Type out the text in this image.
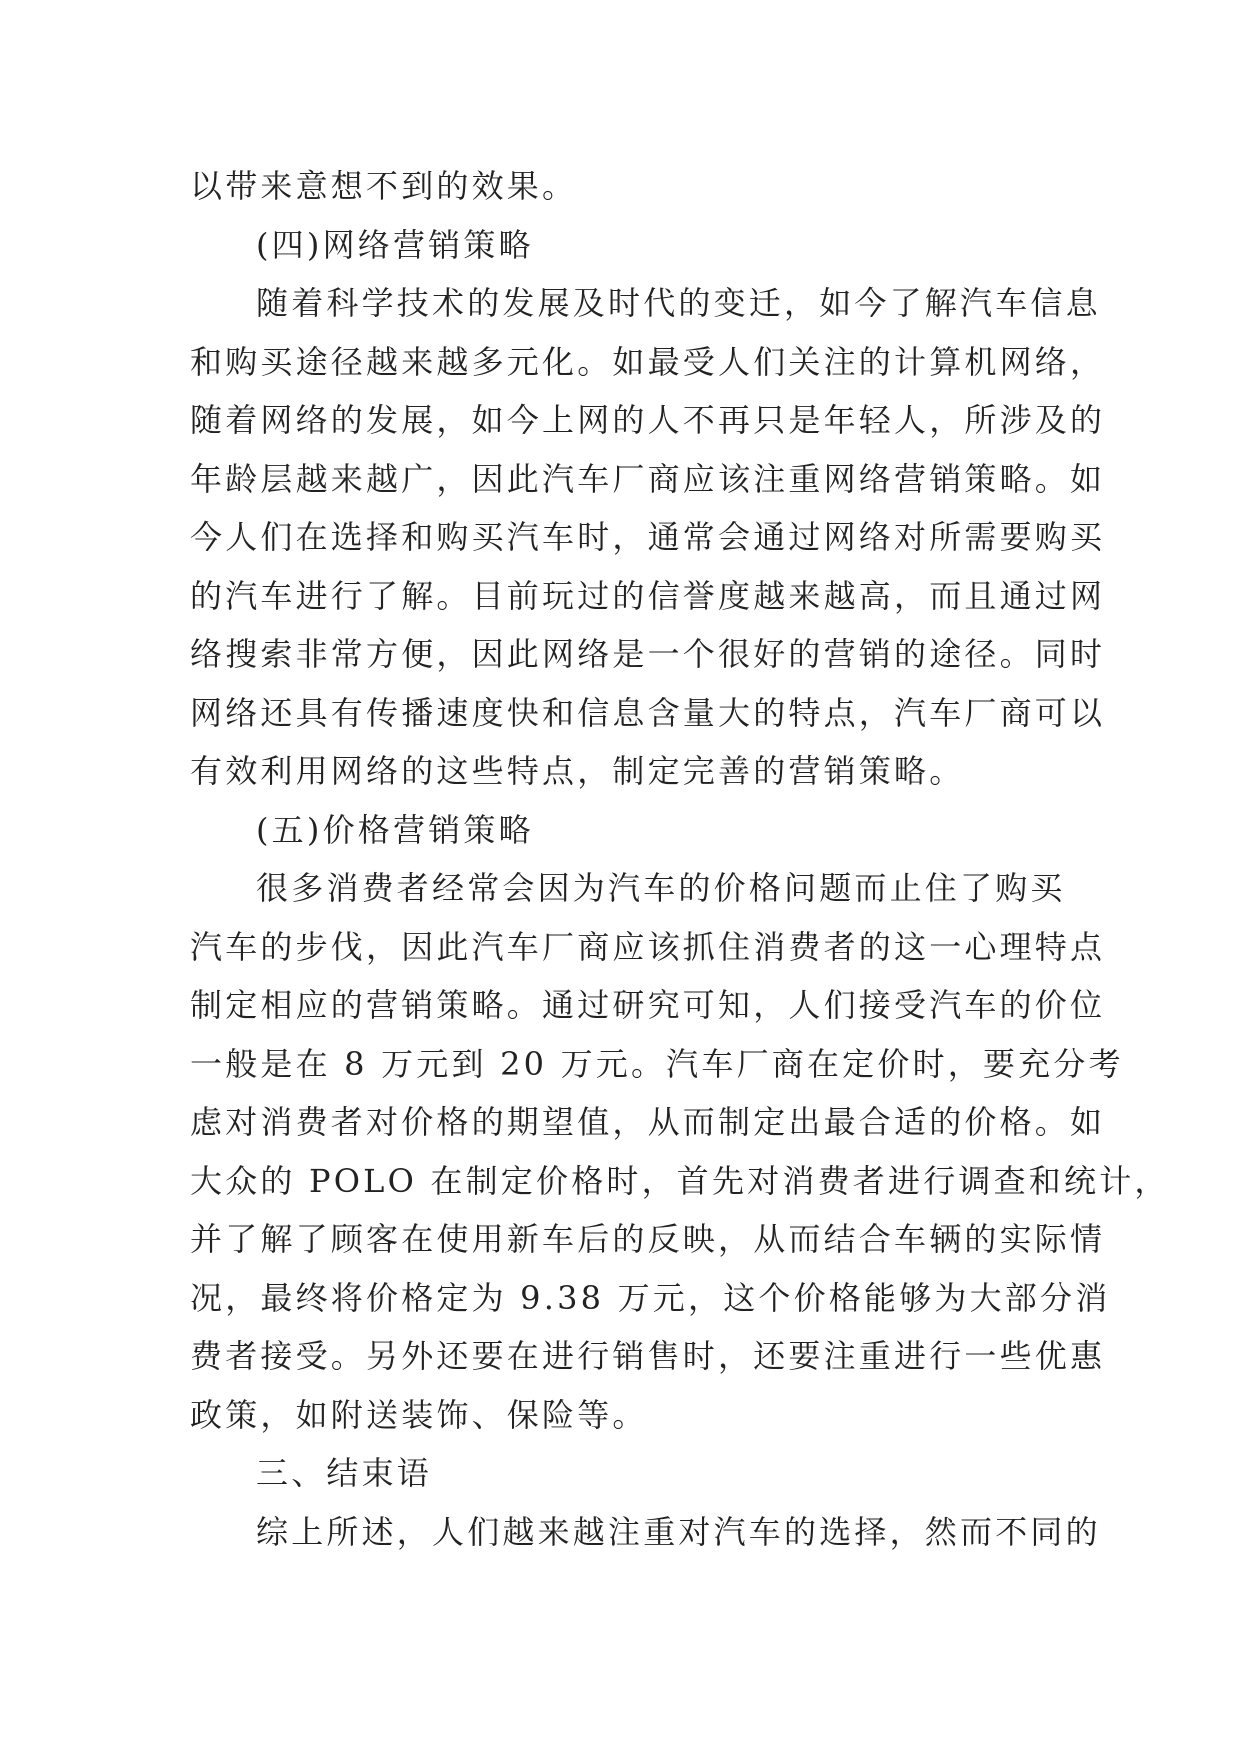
以带来意想不到的效果。
(四)网络营销策略
随着科学技术的发展及时代的变迁，如今了解汽车信息
和购买途径越来越多元化。如最受人们关注的计算机网络，
随着网络的发展，如今上网的人不再只是年轻人，所涉及的
年龄层越来越广，因此汽车厂商应该注重网络营销策略。如
今人们在选择和购买汽车时，通常会通过网络对所需要购买
的汽车进行了解。目前玩过的信誉度越来越高，而且通过网
络搜索非常方便，因此网络是一个很好的营销的途径。同时
网络还具有传播速度快和信息含量大的特点，汽车厂商可以
有效利用网络的这些特点，制定完善的营销策略。
(五)价格营销策略
很多消费者经常会因为汽车的价格问题而止住了购买
汽车的步伐，因此汽车厂商应该抓住消费者的这一心理特点
制定相应的营销策略。通过研究可知，人们接受汽车的价位
一般是在 8 万元到 20 万元。汽车厂商在定价时，要充分考
虑对消费者对价格的期望值，从而制定出最合适的价格。如
大众的 POLO 在制定价格时，首先对消费者进行调查和统计，
并了解了顾客在使用新车后的反映，从而结合车辆的实际情
况，最终将价格定为 9.38 万元，这个价格能够为大部分消
费者接受。另外还要在进行销售时，还要注重进行一些优惠
政策，如附送装饰、保险等。
三、结束语
综上所述，人们越来越注重对汽车的选择，然而不同的
